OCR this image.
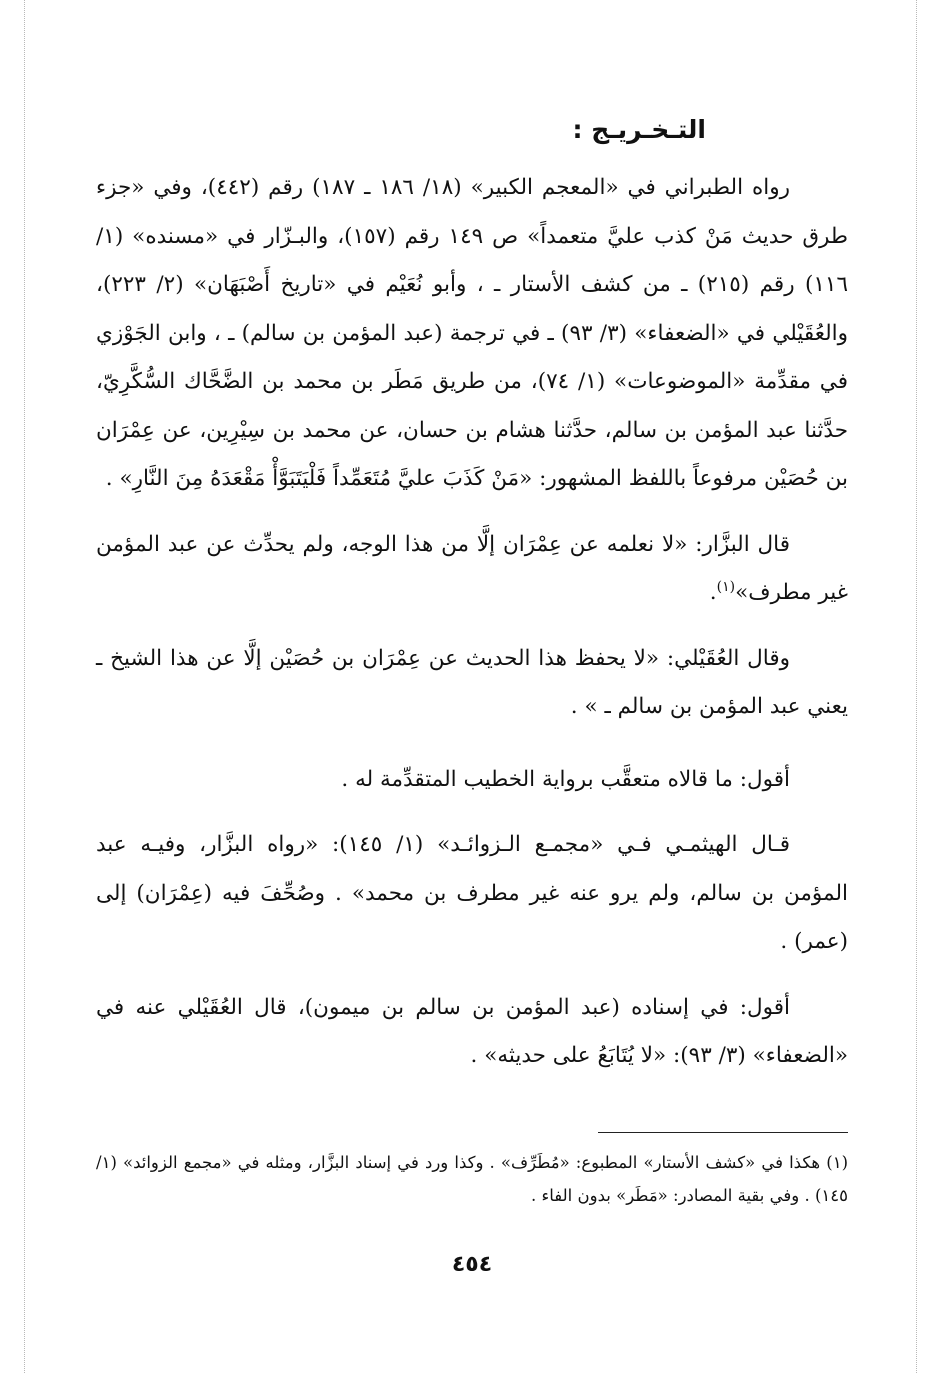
التـخـريـج :

رواه الطبراني في «المعجم الكبير» (١٨/ ١٨٦ ـ ١٨٧) رقم (٤٤٢)، وفي «جزء طرق حديث مَنْ كذب عليَّ متعمداً» ص ١٤٩ رقم (١٥٧)، والبـزّار في «مسنده» (١/ ١١٦) رقم (٢١٥) ـ من كشف الأستار ـ ، وأبو نُعَيْم في «تاريخ أَصْبَهَان» (٢/ ٢٢٣)، والعُقَيْلي في «الضعفاء» (٣/ ٩٣) ـ في ترجمة (عبد المؤمن بن سالم) ـ ، وابن الجَوْزي في مقدِّمة «الموضوعات» (١/ ٧٤)، من طريق مَطَر بن محمد بن الضَّحَّاك السُّكَّرِيّ، حدَّثنا عبد المؤمن بن سالم، حدَّثنا هشام بن حسان، عن محمد بن سِيْرِين، عن عِمْرَان بن حُصَيْن مرفوعاً باللفظ المشهور: «مَنْ كَذَبَ عليَّ مُتَعَمِّداً فَلْيَتَبَوَّأْ مَقْعَدَهُ مِنَ النَّارِ» .

قال البزَّار: «لا نعلمه عن عِمْرَان إلَّا من هذا الوجه، ولم يحدِّث عن عبد المؤمن غير مطرف»$^{(١)}$.

وقال العُقَيْلي: «لا يحفظ هذا الحديث عن عِمْرَان بن حُصَيْن إلَّا عن هذا الشيخ ـ يعني عبد المؤمن بن سالم ـ » .

أقول: ما قالاه متعقَّب برواية الخطيب المتقدِّمة له .

قـال الهيثمـي فـي «مجمـع الـزوائـد» (١/ ١٤٥): «رواه البزَّار، وفيـه عبد المؤمن بن سالم، ولم يرو عنه غير مطرف بن محمد» . وصُحِّفَ فيه (عِمْرَان) إلى (عمر) .

أقول: في إسناده (عبد المؤمن بن سالم بن ميمون)، قال العُقَيْلي عنه في «الضعفاء» (٣/ ٩٣): «لا يُتَابَعُ على حديثه» .

(١) هكذا في «كشف الأستار» المطبوع: «مُطَرِّف» . وكذا ورد في إسناد البزَّار، ومثله في «مجمع الزوائد» (١/ ١٤٥) . وفي بقية المصادر: «مَطَر» بدون الفاء .

٤٥٤
